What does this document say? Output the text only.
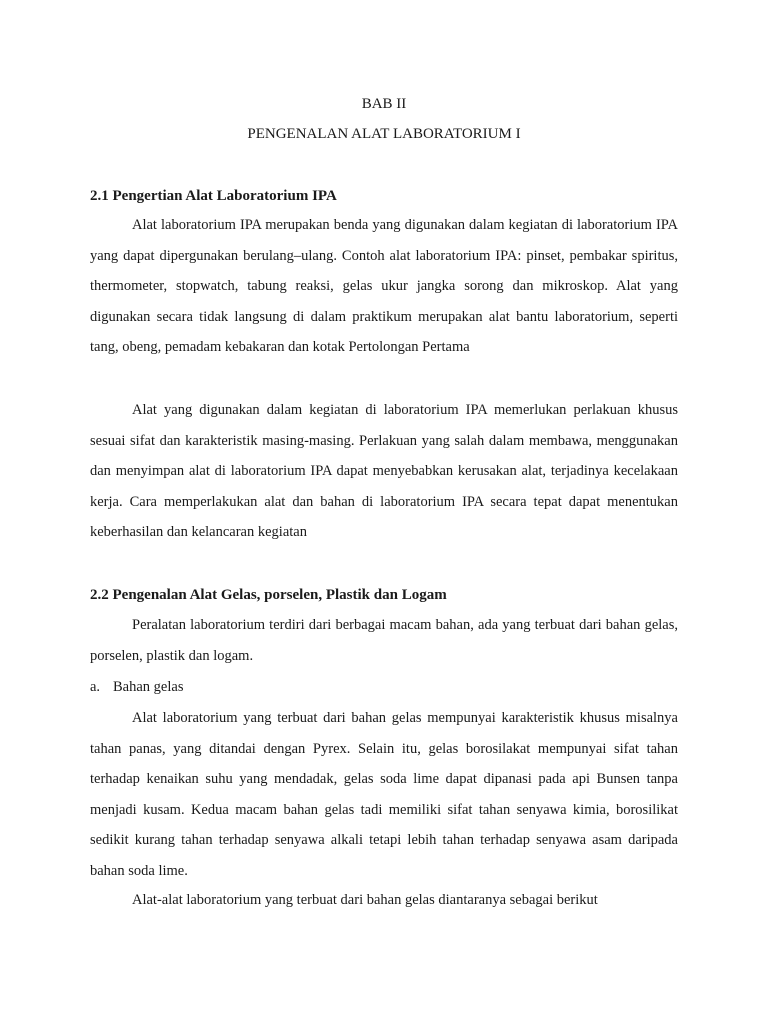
BAB II
PENGENALAN ALAT LABORATORIUM I
2.1 Pengertian Alat Laboratorium IPA

Alat laboratorium IPA merupakan benda yang digunakan dalam kegiatan di laboratorium IPA yang dapat dipergunakan berulang–ulang. Contoh alat laboratorium IPA: pinset, pembakar spiritus, thermometer, stopwatch, tabung reaksi, gelas ukur jangka sorong dan mikroskop. Alat yang digunakan secara tidak langsung di dalam praktikum merupakan alat bantu laboratorium, seperti tang, obeng, pemadam kebakaran dan kotak Pertolongan Pertama

Alat yang digunakan dalam kegiatan di laboratorium IPA memerlukan perlakuan khusus sesuai sifat dan karakteristik masing-masing. Perlakuan yang salah dalam membawa, menggunakan dan menyimpan alat di laboratorium IPA dapat menyebabkan kerusakan alat, terjadinya kecelakaan kerja. Cara memperlakukan alat dan bahan di laboratorium IPA secara tepat dapat menentukan keberhasilan dan kelancaran kegiatan

2.2 Pengenalan Alat Gelas, porselen, Plastik dan Logam

Peralatan laboratorium terdiri dari berbagai macam bahan, ada yang terbuat dari bahan gelas, porselen, plastik dan logam.

a. Bahan gelas

Alat laboratorium yang terbuat dari bahan gelas mempunyai karakteristik khusus misalnya tahan panas, yang ditandai dengan Pyrex. Selain itu, gelas borosilakat mempunyai sifat tahan terhadap kenaikan suhu yang mendadak, gelas soda lime dapat dipanasi pada api Bunsen tanpa menjadi kusam. Kedua macam bahan gelas tadi memiliki sifat tahan senyawa kimia, borosilikat sedikit kurang tahan terhadap senyawa alkali tetapi lebih tahan terhadap senyawa asam daripada bahan soda lime.

Alat-alat laboratorium yang terbuat dari bahan gelas diantaranya sebagai berikut
